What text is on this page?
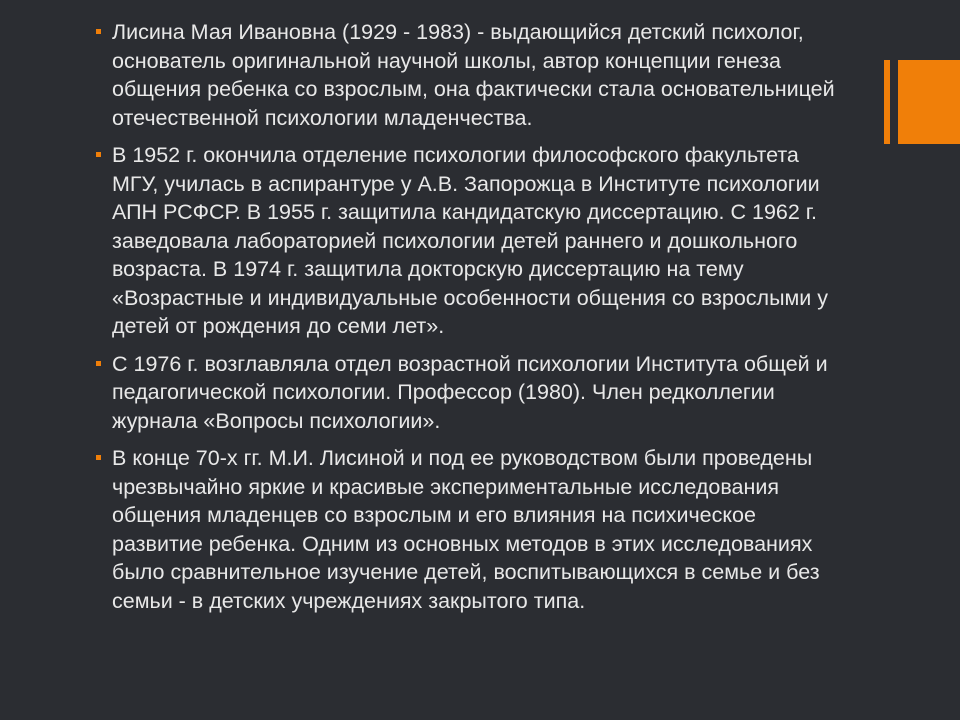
Лисина Мая Ивановна (1929 - 1983) - выдающийся детский психолог, основатель оригинальной научной школы, автор концепции генеза общения ребенка со взрослым, она фактически стала основательницей отечественной психологии младенчества.
В 1952 г. окончила отделение психологии философского факультета МГУ, училась в аспирантуре у А.В. Запорожца в Институте психологии АПН РСФСР. В 1955 г. защитила кандидатскую диссертацию. С 1962 г. заведовала лабораторией психологии детей раннего и дошкольного возраста. В 1974 г. защитила докторскую диссертацию на тему «Возрастные и индивидуальные особенности общения со взрослыми у детей от рождения до семи лет».
С 1976 г. возглавляла отдел возрастной психологии Института общей и педагогической психологии. Профессор (1980). Член редколлегии журнала «Вопросы психологии».
В конце 70-х гг. М.И. Лисиной и под ее руководством были проведены чрезвычайно яркие и красивые экспериментальные исследования общения младенцев со взрослым и его влияния на психическое развитие ребенка. Одним из основных методов в этих исследованиях было сравнительное изучение детей, воспитывающихся в семье и без семьи - в детских учреждениях закрытого типа.
